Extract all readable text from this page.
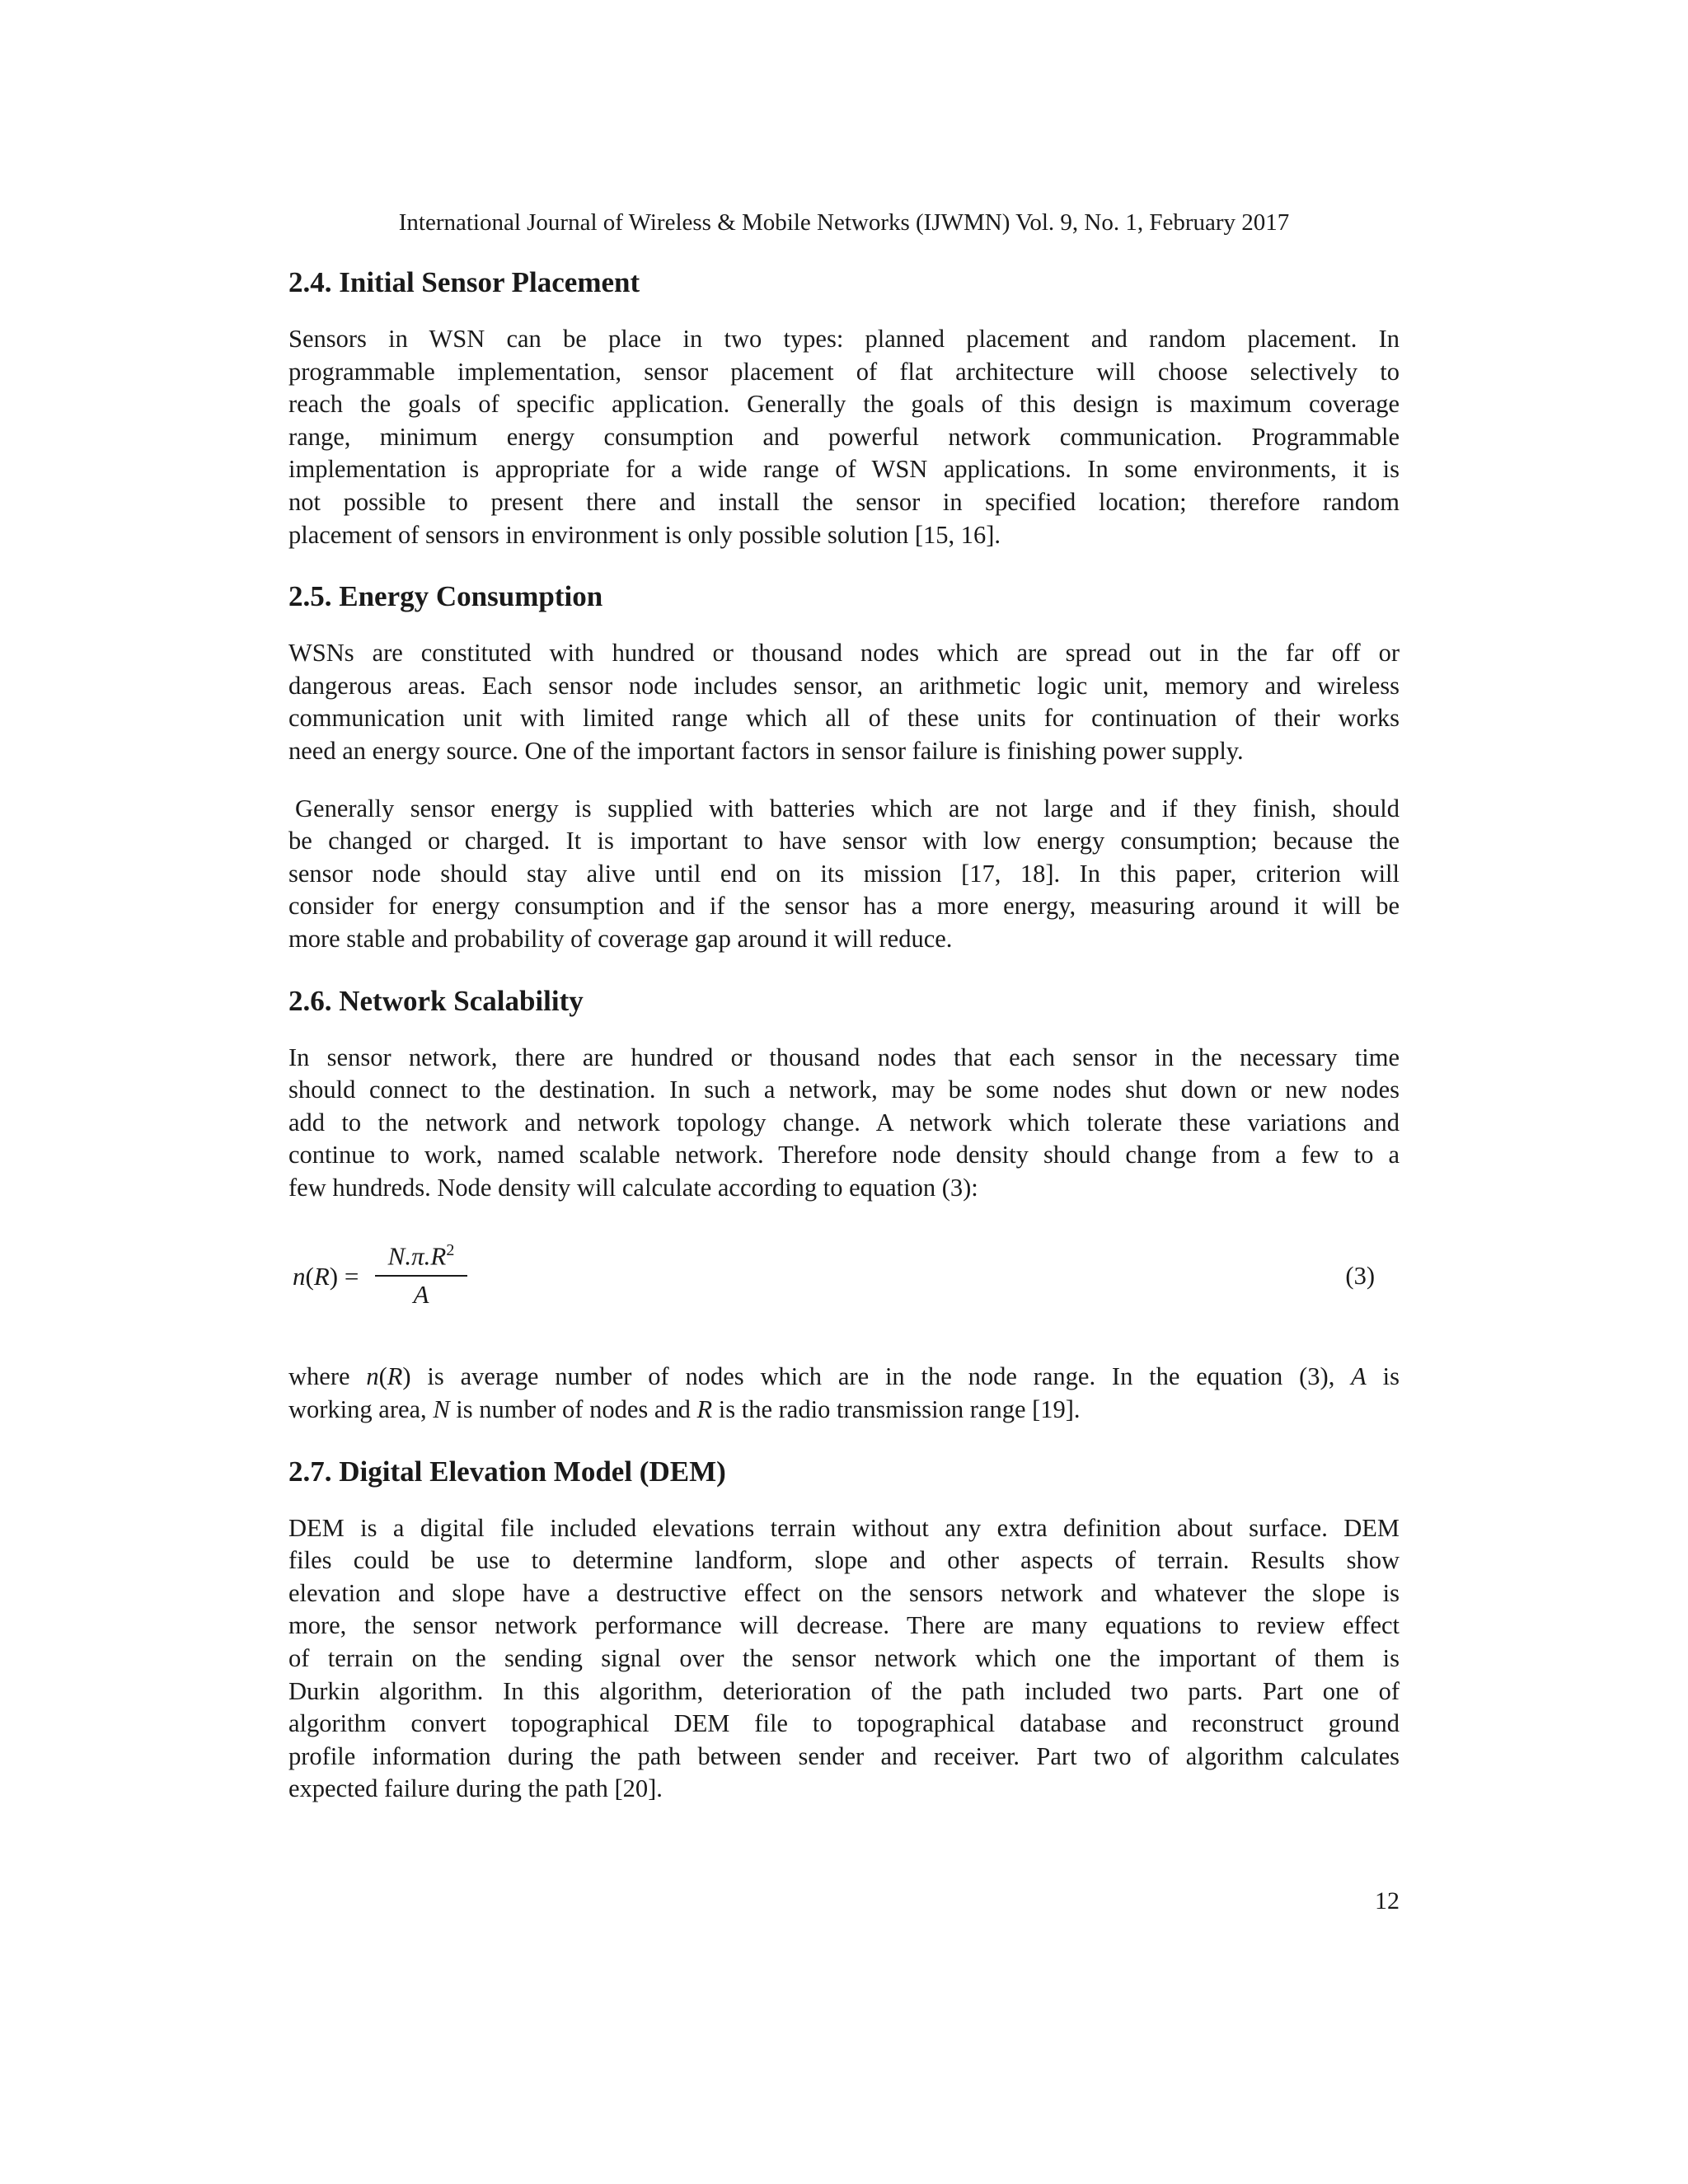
International Journal of Wireless & Mobile Networks (IJWMN) Vol. 9, No. 1, February 2017
2.4. Initial Sensor Placement
Sensors in WSN can be place in two types: planned placement and random placement. In
programmable implementation, sensor placement of flat architecture will choose selectively to
reach the goals of specific application. Generally the goals of this design is maximum coverage
range, minimum energy consumption and powerful network communication. Programmable
implementation is appropriate for a wide range of WSN applications. In some environments, it is
not possible to present there and install the sensor in specified location; therefore random
placement of sensors in environment is only possible solution [15, 16].
2.5. Energy Consumption
WSNs are constituted with hundred or thousand nodes which are spread out in the far off or
dangerous areas. Each sensor node includes sensor, an arithmetic logic unit, memory and wireless
communication unit with limited range which all of these units for continuation of their works
need an energy source. One of the important factors in sensor failure is finishing power supply.
Generally sensor energy is supplied with batteries which are not large and if they finish, should
be changed or charged. It is important to have sensor with low energy consumption; because the
sensor node should stay alive until end on its mission [17, 18]. In this paper, criterion will
consider for energy consumption and if the sensor has a more energy, measuring around it will be
more stable and probability of coverage gap around it will reduce.
2.6. Network Scalability
In sensor network, there are hundred or thousand nodes that each sensor in the necessary time
should connect to the destination. In such a network, may be some nodes shut down or new nodes
add to the network and network topology change. A network which tolerate these variations and
continue to work, named scalable network. Therefore node density should change from a few to a
few hundreds. Node density will calculate according to equation (3):
n(R) =
$N.\pi.R^2$
A
(3)
where n(R) is average number of nodes which are in the node range. In the equation (3), A is
working area, N is number of nodes and R is the radio transmission range [19].
2.7. Digital Elevation Model (DEM)
DEM is a digital file included elevations terrain without any extra definition about surface. DEM
files could be use to determine landform, slope and other aspects of terrain. Results show
elevation and slope have a destructive effect on the sensors network and whatever the slope is
more, the sensor network performance will decrease. There are many equations to review effect
of terrain on the sending signal over the sensor network which one the important of them is
Durkin algorithm. In this algorithm, deterioration of the path included two parts. Part one of
algorithm convert topographical DEM file to topographical database and reconstruct ground
profile information during the path between sender and receiver. Part two of algorithm calculates
expected failure during the path [20].
12
